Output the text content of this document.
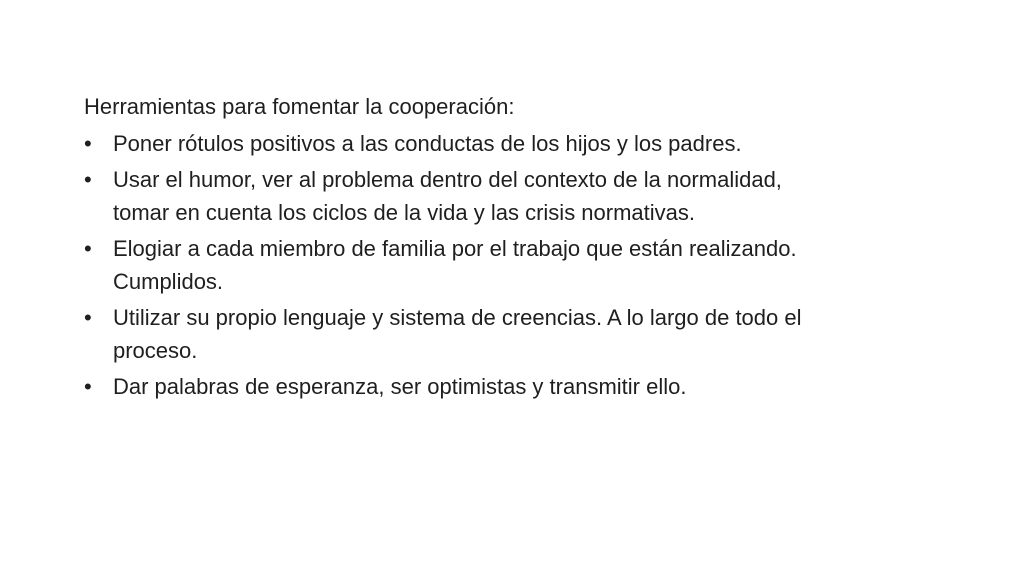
Herramientas para fomentar la cooperación:
• Poner rótulos positivos a las conductas de los hijos y los padres.
• Usar el humor, ver al problema dentro del contexto de la normalidad, tomar en cuenta los ciclos de la vida y las crisis normativas.
• Elogiar a cada miembro de familia por el trabajo que están realizando. Cumplidos.
• Utilizar su propio lenguaje y sistema de creencias. A lo largo de todo el proceso.
• Dar palabras de esperanza, ser optimistas y transmitir ello.
